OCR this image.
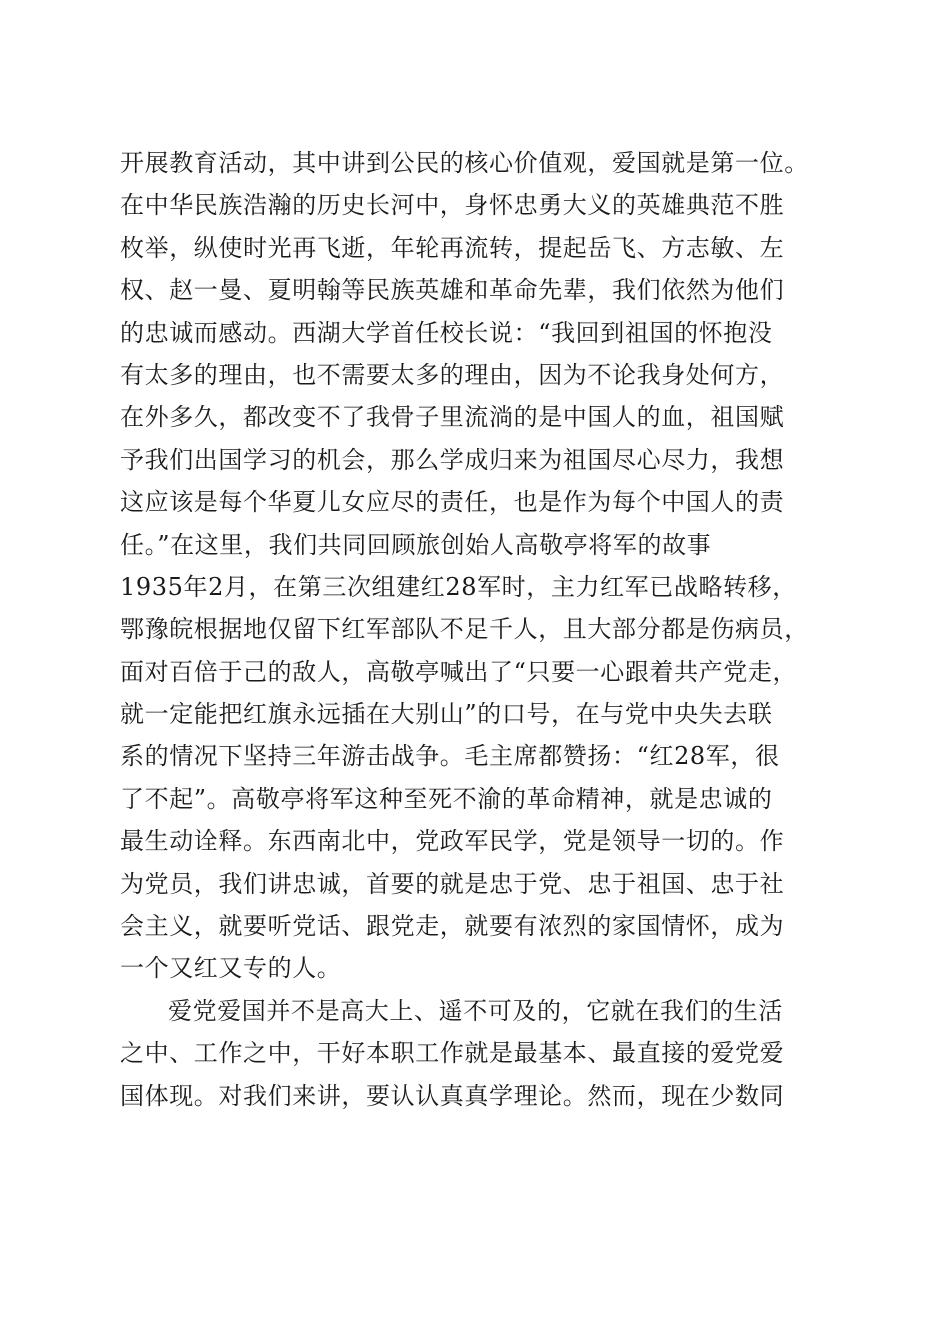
开展教育活动，其中讲到公民的核心价值观，爱国就是第一位。
在中华民族浩瀚的历史长河中，身怀忠勇大义的英雄典范不胜
枚举，纵使时光再飞逝，年轮再流转，提起岳飞、方志敏、左
权、赵一曼、夏明翰等民族英雄和革命先辈，我们依然为他们
的忠诚而感动。西湖大学首任校长说：“我回到祖国的怀抱没
有太多的理由，也不需要太多的理由，因为不论我身处何方，
在外多久，都改变不了我骨子里流淌的是中国人的血，祖国赋
予我们出国学习的机会，那么学成归来为祖国尽心尽力，我想
这应该是每个华夏儿女应尽的责任，也是作为每个中国人的责
任。”在这里，我们共同回顾旅创始人高敬亭将军的故事
1935年2月，在第三次组建红28军时，主力红军已战略转移，
鄂豫皖根据地仅留下红军部队不足千人，且大部分都是伤病员，
面对百倍于己的敌人，高敬亭喊出了“只要一心跟着共产党走，
就一定能把红旗永远插在大别山”的口号，在与党中央失去联
系的情况下坚持三年游击战争。毛主席都赞扬：“红28军，很
了不起”。高敬亭将军这种至死不渝的革命精神，就是忠诚的
最生动诠释。东西南北中，党政军民学，党是领导一切的。作
为党员，我们讲忠诚，首要的就是忠于党、忠于祖国、忠于社
会主义，就要听党话、跟党走，就要有浓烈的家国情怀，成为
一个又红又专的人。
爱党爱国并不是高大上、遥不可及的，它就在我们的生活
之中、工作之中，干好本职工作就是最基本、最直接的爱党爱
国体现。对我们来讲，要认认真真学理论。然而，现在少数同
